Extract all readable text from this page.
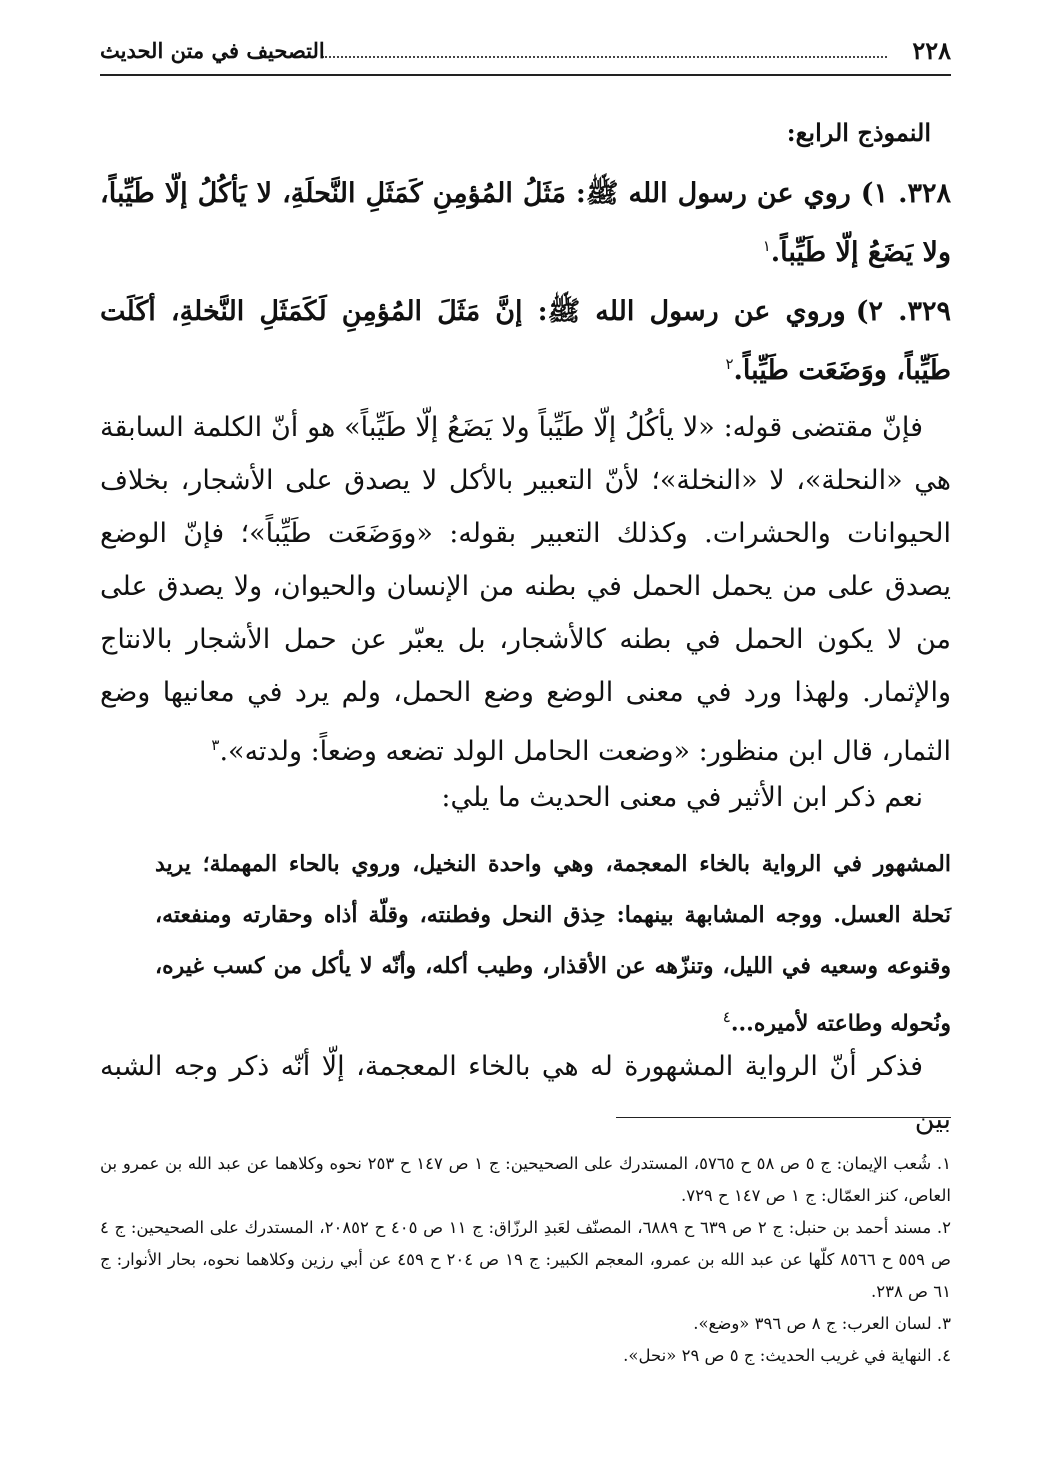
٢٢٨
التصحيف في متن الحديث
النموذج الرابع:

٣٢٨. ١)روي عن رسول الله ﷺ: مَثَلُ المُؤمِنِ كَمَثَلِ النَّحلَةِ، لا يَأكُلُ إلّا طَيِّباً، ولا يَضَعُ إلّا طَيِّباً.$^١$

٣٢٩. ٢)وروي عن رسول الله ﷺ: إنَّ مَثَلَ المُؤمِنِ لَكَمَثَلِ النَّخلةِ، أكَلَت طَيِّباً، ووَضَعَت طَيِّباً.$^٢$

فإنّ مقتضى قوله: «لا يأكُلُ إلّا طَيِّباً ولا يَضَعُ إلّا طَيِّباً» هو أنّ الكلمة السابقة هي «النحلة»، لا «النخلة»؛ لأنّ التعبير بالأكل لا يصدق على الأشجار، بخلاف الحيوانات والحشرات. وكذلك التعبير بقوله: «ووَضَعَت طَيِّباً»؛ فإنّ الوضع يصدق على من يحمل الحمل في بطنه من الإنسان والحيوان، ولا يصدق على من لا يكون الحمل في بطنه كالأشجار، بل يعبّر عن حمل الأشجار بالانتاج والإثمار. ولهذا ورد في معنى الوضع وضع الحمل، ولم يرد في معانيها وضع الثمار، قال ابن منظور: «وضعت الحامل الولد تضعه وضعاً: ولدته».$^٣$

نعم ذكر ابن الأثير في معنى الحديث ما يلي:

المشهور في الرواية بالخاء المعجمة، وهي واحدة النخيل، وروي بالحاء المهملة؛ يريد نَحلة العسل. ووجه المشابهة بينهما: حِذق النحل وفطنته، وقلّة أذاه وحقارته ومنفعته، وقنوعه وسعيه في الليل، وتنزّهه عن الأقذار، وطيب أكله، وأنّه لا يأكل من كسب غيره، ونُحوله وطاعته لأميره...$^٤$

فذكر أنّ الرواية المشهورة له هي بالخاء المعجمة، إلّا أنّه ذكر وجه الشبه بين

١. شُعب الإيمان: ج ٥ ص ٥٨ ح ٥٧٦٥، المستدرك على الصحيحين: ج ١ ص ١٤٧ ح ٢٥٣ نحوه وكلاهما عن عبد الله بن عمرو بن العاص، كنز العمّال: ج ١ ص ١٤٧ ح ٧٢٩.
٢. مسند أحمد بن حنبل: ج ٢ ص ٦٣٩ ح ٦٨٨٩، المصنّف لعَبدِ الرزّاق: ج ١١ ص ٤٠٥ ح ٢٠٨٥٢، المستدرك على الصحيحين: ج ٤ ص ٥٥٩ ح ٨٥٦٦ كلّها عن عبد الله بن عمرو، المعجم الكبير: ج ١٩ ص ٢٠٤ ح ٤٥٩ عن أبي رزين وكلاهما نحوه، بحار الأنوار: ج ٦١ ص ٢٣٨.
٣. لسان العرب: ج ٨ ص ٣٩٦ «وضع».
٤. النهاية في غريب الحديث: ج ٥ ص ٢٩ «نحل».
